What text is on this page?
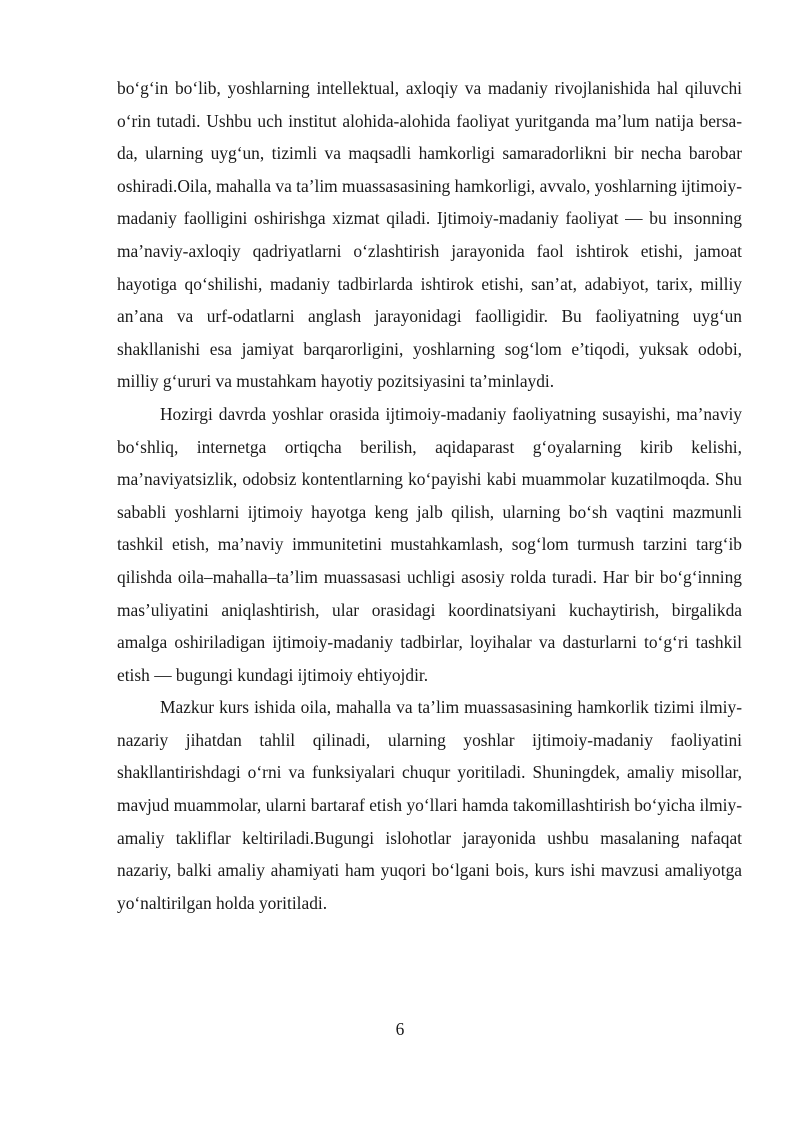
bo‘g‘in bo‘lib, yoshlarning intellektual, axloqiy va madaniy rivojlanishida hal qiluvchi o‘rin tutadi. Ushbu uch institut alohida-alohida faoliyat yuritganda ma’lum natija bersa-da, ularning uyg‘un, tizimli va maqsadli hamkorligi samaradorlikni bir necha barobar oshiradi.Oila, mahalla va ta’lim muassasasining hamkorligi, avvalo, yoshlarning ijtimoiy-madaniy faolligini oshirishga xizmat qiladi. Ijtimoiy-madaniy faoliyat — bu insonning ma’naviy-axloqiy qadriyatlarni o‘zlashtirish jarayonida faol ishtirok etishi, jamoat hayotiga qo‘shilishi, madaniy tadbirlarda ishtirok etishi, san’at, adabiyot, tarix, milliy an’ana va urf-odatlarni anglash jarayonidagi faolligidir. Bu faoliyatning uyg‘un shakllanishi esa jamiyat barqarorligini, yoshlarning sog‘lom e’tiqodi, yuksak odobi, milliy g‘ururi va mustahkam hayotiy pozitsiyasini ta’minlaydi.

Hozirgi davrda yoshlar orasida ijtimoiy-madaniy faoliyatning susayishi, ma’naviy bo‘shliq, internetga ortiqcha berilish, aqidaparast g‘oyalarning kirib kelishi, ma’naviyatsizlik, odobsiz kontentlarning ko‘payishi kabi muammolar kuzatilmoqda. Shu sababli yoshlarni ijtimoiy hayotga keng jalb qilish, ularning bo‘sh vaqtini mazmunli tashkil etish, ma’naviy immunitetini mustahkamlash, sog‘lom turmush tarzini targ‘ib qilishda oila–mahalla–ta’lim muassasasi uchligi asosiy rolda turadi. Har bir bo‘g‘inning mas’uliyatini aniqlashtirish, ular orasidagi koordinatsiyani kuchaytirish, birgalikda amalga oshiriladigan ijtimoiy-madaniy tadbirlar, loyihalar va dasturlarni to‘g‘ri tashkil etish — bugungi kundagi ijtimoiy ehtiyojdir.

Mazkur kurs ishida oila, mahalla va ta’lim muassasasining hamkorlik tizimi ilmiy-nazariy jihatdan tahlil qilinadi, ularning yoshlar ijtimoiy-madaniy faoliyatini shakllantirishdagi o‘rni va funksiyalari chuqur yoritiladi. Shuningdek, amaliy misollar, mavjud muammolar, ularni bartaraf etish yo‘llari hamda takomillashtirish bo‘yicha ilmiy-amaliy takliflar keltiriladi.Bugungi islohotlar jarayonida ushbu masalaning nafaqat nazariy, balki amaliy ahamiyati ham yuqori bo‘lgani bois, kurs ishi mavzusi amaliyotga yo‘naltirilgan holda yoritiladi.

6
